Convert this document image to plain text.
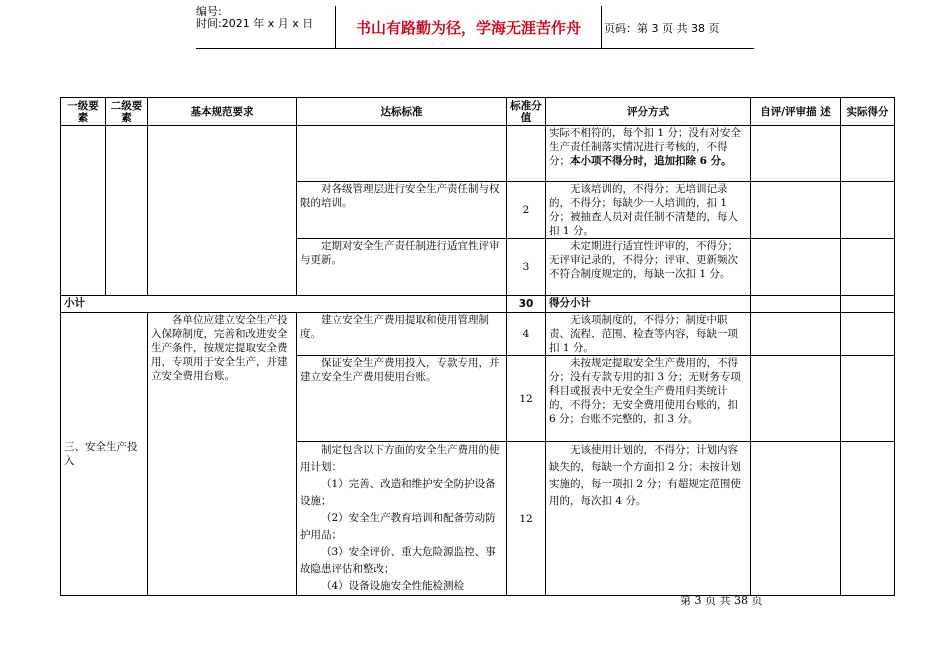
编号:
时间:2021 年 x 月 x 日	书山有路勤为径，学海无涯苦作舟	页码：第 3 页 共 38 页
一级要素	二级要素	基本规范要求	达标标准	标准分值	评分方式	自评/评审描 述	实际得分
					实际不相符的，每个扣 1 分；没有对安全生产责任制落实情况进行考核的，不得分；本小项不得分时，追加扣除 6 分。		
			对各级管理层进行安全生产责任制与权限的培训。	2	无该培训的，不得分；无培训记录的，不得分；每缺少一人培训的，扣 1 分；被抽查人员对责任制不清楚的，每人扣 1 分。		
			定期对安全生产责任制进行适宜性评审与更新。	3	未定期进行适宜性评审的，不得分；无评审记录的，不得分；评审、更新频次不符合制度规定的，每缺一次扣 1 分。		
小计				30	得分小计		
三、安全生产投入		各单位应建立安全生产投入保障制度，完善和改进安全生产条件，按规定提取安全费用，专项用于安全生产，并建立安全费用台账。	建立安全生产费用提取和使用管理制度。	4	无该项制度的，不得分；制度中职责、流程、范围、检查等内容，每缺一项扣 1 分。		
			保证安全生产费用投入，专款专用，并建立安全生产费用使用台账。	12	未按规定提取安全生产费用的，不得分；没有专款专用的扣 3 分；无财务专项科目或报表中无安全生产费用归类统计的，不得分；无安全费用使用台账的，扣 6 分；台账不完整的，扣 3 分。		

			制定包含以下方面的安全生产费用的使用计划：
（1）完善、改造和维护安全防护设备设施；
（2）安全生产教育培训和配备劳动防护用品；
（3）安全评价、重大危险源监控、事故隐患评估和整改；
（4）设备设施安全性能检测检	12	无该使用计划的，不得分；计划内容缺失的，每缺一个方面扣 2 分；未按计划实施的，每一项扣 2 分；有超规定范围使用的，每次扣 4 分。		
第 3 页 共 38 页
